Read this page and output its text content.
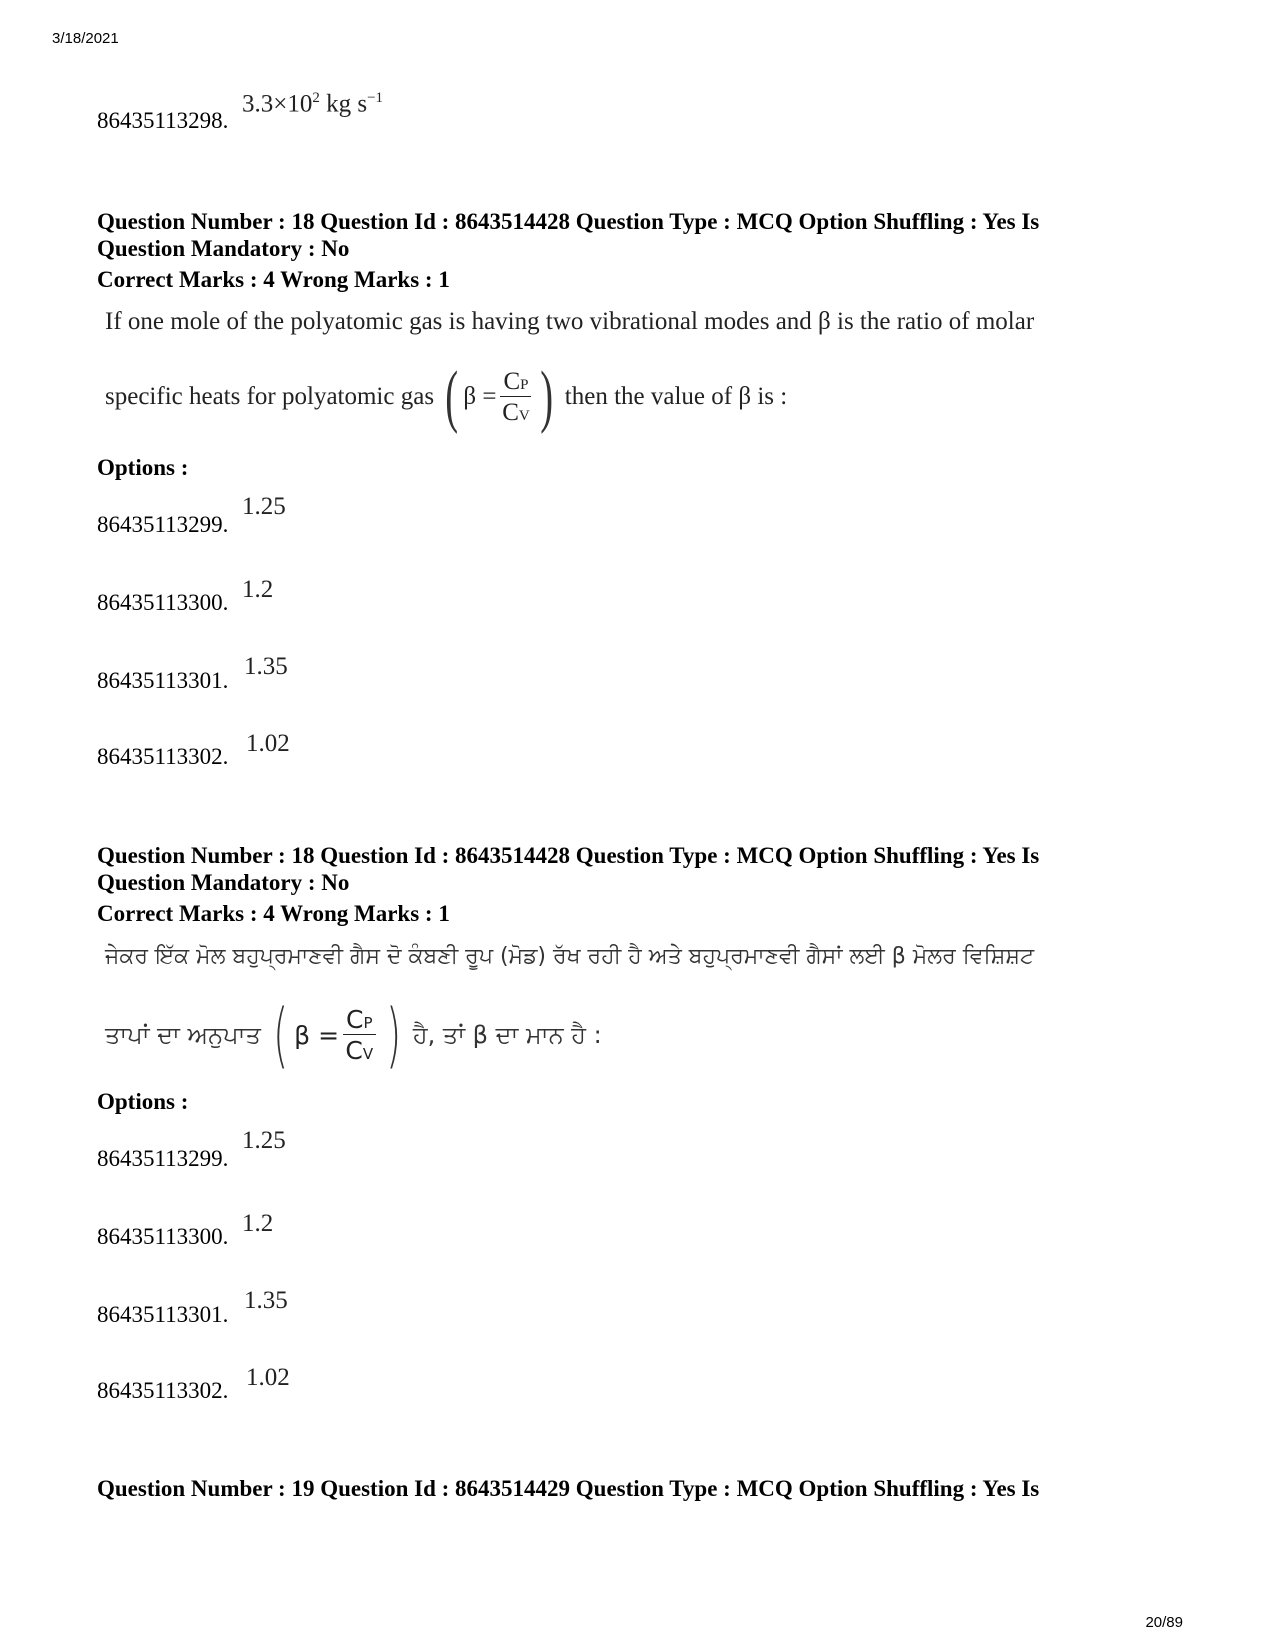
3/18/2021
20/89
86435113298.
$3.3\times 10^2$ kg $s^{-1}$
Question Number : 18 Question Id : 8643514428 Question Type : MCQ Option Shuffling : Yes Is
Question Mandatory : No
Correct Marks : 4 Wrong Marks : 1
If one mole of the polyatomic gas is having two vibrational modes and β is the ratio of molar
specific heats for polyatomic gas ( $\beta = \frac{CP}{CV}$ ) then the value of β is :
Options :
86435113299.
1.25
86435113300. 1.2
86435113301.
1.35
86435113302. 1.02
Question Number : 18 Question Id : 8643514428 Question Type : MCQ Option Shuffling : Yes Is
Question Mandatory : No
Correct Marks : 4 Wrong Marks : 1
ਜੇਕਰ ਇੱਕ ਮੋਲ ਬਹੁਪ੍ਰਮਾਣਵੀ ਗੈਸ ਦੋ ਕੰਬਣੀ ਰੂਪ (ਮੋਡ) ਰੱਖ ਰਹੀ ਹੈ ਅਤੇ ਬਹੁਪ੍ਰਮਾਣਵੀ ਗੈਸਾਂ ਲਈ β ਮੋਲਰ ਵਿਸ਼ਿਸ਼ਟ
ਤਾਪਾਂ ਦਾ ਅਨੁਪਾਤ ( $\beta = \frac{CP}{CV}$ ) ਹੈ, ਤਾਂ β ਦਾ ਮਾਨ ਹੈ :
Options :
86435113299.
1.25
86435113300. 1.2
86435113301.
1.35
86435113302. 1.02
Question Number : 19 Question Id : 8643514429 Question Type : MCQ Option Shuffling : Yes Is
